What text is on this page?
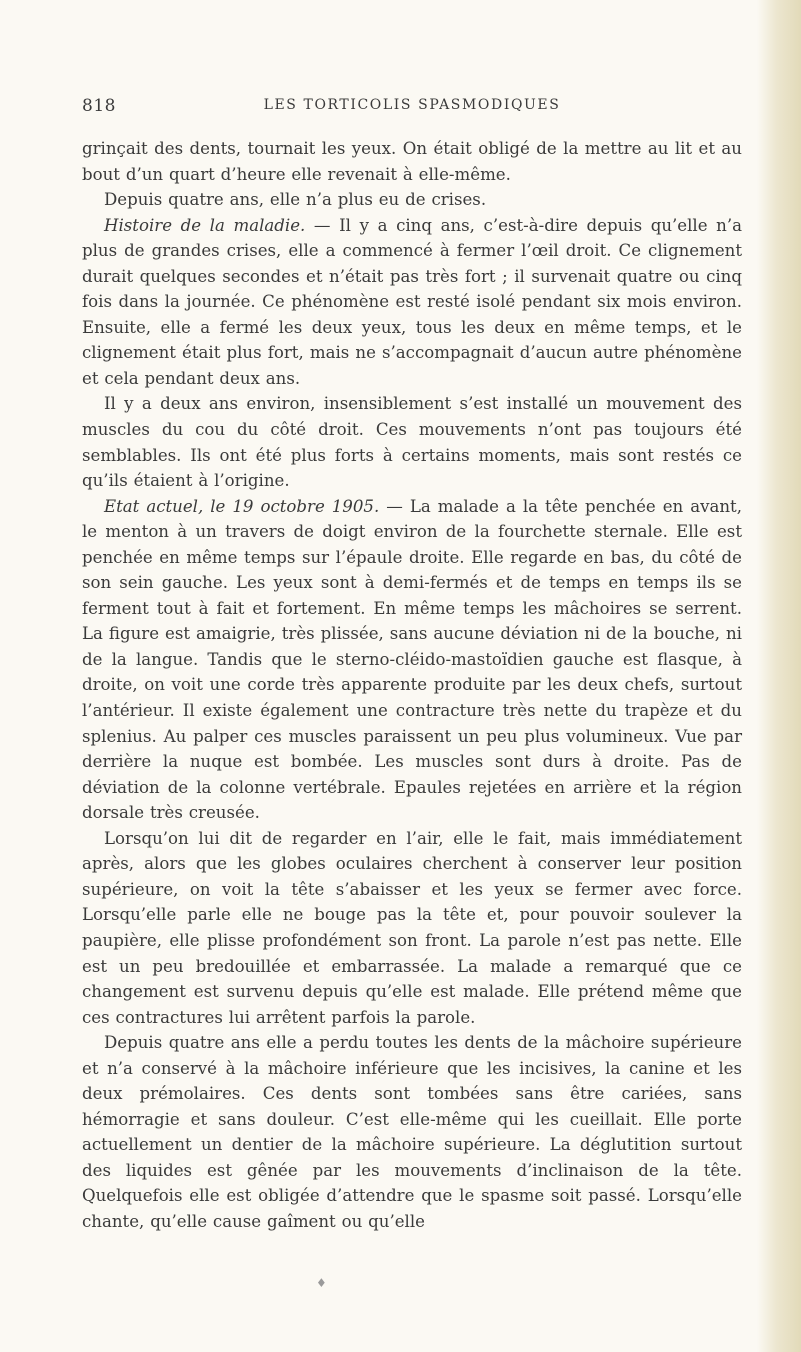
818	LES TORTICOLIS SPASMODIQUES

grinçait des dents, tournait les yeux. On était obligé de la mettre au lit et au bout d’un quart d’heure elle revenait à elle-même.

Depuis quatre ans, elle n’a plus eu de crises.

Histoire de la maladie. — Il y a cinq ans, c’est-à-dire depuis qu’elle n’a plus de grandes crises, elle a commencé à fermer l’œil droit. Ce clignement durait quelques secondes et n’était pas très fort ; il survenait quatre ou cinq fois dans la journée. Ce phénomène est resté isolé pendant six mois environ. Ensuite, elle a fermé les deux yeux, tous les deux en même temps, et le clignement était plus fort, mais ne s’accompagnait d’aucun autre phénomène et cela pendant deux ans.

Il y a deux ans environ, insensiblement s’est installé un mouvement des muscles du cou du côté droit. Ces mouvements n’ont pas toujours été semblables. Ils ont été plus forts à certains moments, mais sont restés ce qu’ils étaient à l’origine.

Etat actuel, le 19 octobre 1905. — La malade a la tête penchée en avant, le menton à un travers de doigt environ de la fourchette sternale. Elle est penchée en même temps sur l’épaule droite. Elle regarde en bas, du côté de son sein gauche. Les yeux sont à demi-fermés et de temps en temps ils se ferment tout à fait et fortement. En même temps les mâchoires se serrent. La figure est amaigrie, très plissée, sans aucune déviation ni de la bouche, ni de la langue. Tandis que le sterno-cléido-mastoïdien gauche est flasque, à droite, on voit une corde très apparente produite par les deux chefs, surtout l’antérieur. Il existe également une contracture très nette du trapèze et du splenius. Au palper ces muscles paraissent un peu plus volumineux. Vue par derrière la nuque est bombée. Les muscles sont durs à droite. Pas de déviation de la colonne vertébrale. Epaules rejetées en arrière et la région dorsale très creusée.

Lorsqu’on lui dit de regarder en l’air, elle le fait, mais immédiatement après, alors que les globes oculaires cherchent à conserver leur position supérieure, on voit la tête s’abaisser et les yeux se fermer avec force. Lorsqu’elle parle elle ne bouge pas la tête et, pour pouvoir soulever la paupière, elle plisse profondément son front. La parole n’est pas nette. Elle est un peu bredouillée et embarrassée. La malade a remarqué que ce changement est survenu depuis qu’elle est malade. Elle prétend même que ces contractures lui arrêtent parfois la parole.

Depuis quatre ans elle a perdu toutes les dents de la mâchoire supérieure et n’a conservé à la mâchoire inférieure que les incisives, la canine et les deux prémolaires. Ces dents sont tombées sans être cariées, sans hémorragie et sans douleur. C’est elle-même qui les cueillait. Elle porte actuellement un dentier de la mâchoire supérieure. La déglutition surtout des liquides est gênée par les mouvements d’inclinaison de la tête. Quelquefois elle est obligée d’attendre que le spasme soit passé. Lorsqu’elle chante, qu’elle cause gaîment ou qu’elle

♦
